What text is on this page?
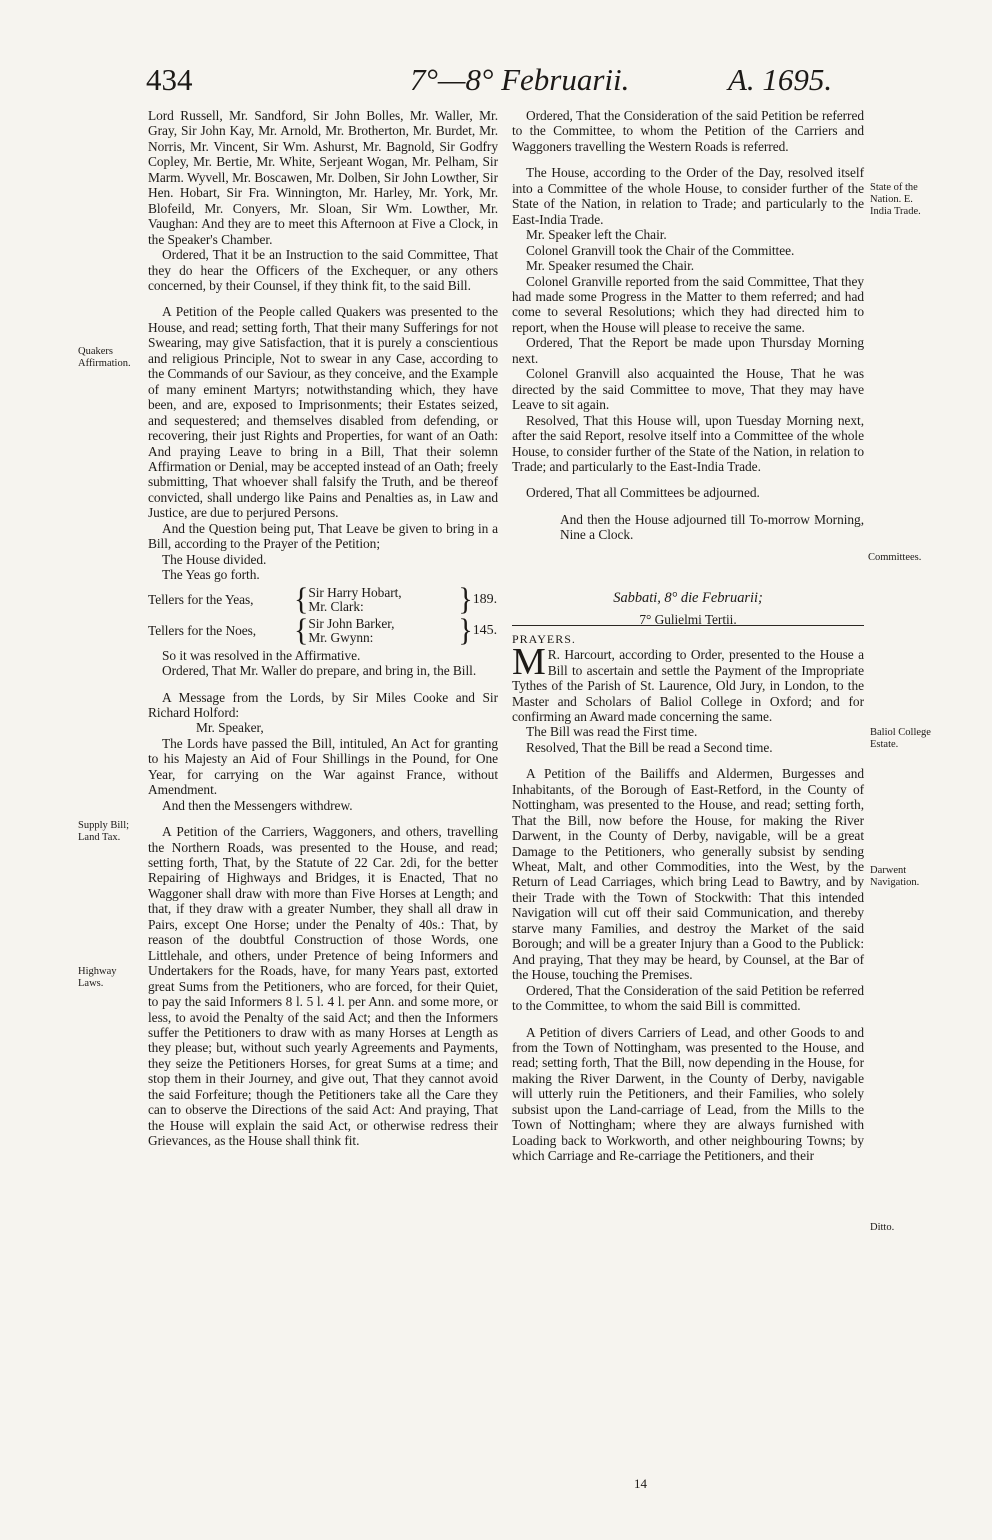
434	7°—8° Februarii.	A. 1695.
Quakers Affirmation.
Supply Bill; Land Tax.
Highway Laws.

Lord Russell, Mr. Sandford, Sir John Bolles, Mr. Waller, Mr. Gray, Sir John Kay, Mr. Arnold, Mr. Brotherton, Mr. Burdet, Mr. Norris, Mr. Vincent, Sir Wm. Ashurst, Mr. Bagnold, Sir Godfry Copley, Mr. Bertie, Mr. White, Serjeant Wogan, Mr. Pelham, Sir Marm. Wyvell, Mr. Boscawen, Mr. Dolben, Sir John Lowther, Sir Hen. Hobart, Sir Fra. Winnington, Mr. Harley, Mr. York, Mr. Blofeild, Mr. Conyers, Mr. Sloan, Sir Wm. Lowther, Mr. Vaughan: And they are to meet this Afternoon at Five a Clock, in the Speaker's Chamber.

Ordered, That it be an Instruction to the said Committee, That they do hear the Officers of the Exchequer, or any others concerned, by their Counsel, if they think fit, to the said Bill.

A Petition of the People called Quakers was presented to the House, and read; setting forth, That their many Sufferings for not Swearing, may give Satisfaction, that it is purely a conscientious and religious Principle, Not to swear in any Case, according to the Commands of our Saviour, as they conceive, and the Example of many eminent Martyrs; notwithstanding which, they have been, and are, exposed to Imprisonments; their Estates seized, and sequestered; and themselves disabled from defending, or recovering, their just Rights and Properties, for want of an Oath: And praying Leave to bring in a Bill, That their solemn Affirmation or Denial, may be accepted instead of an Oath; freely submitting, That whoever shall falsify the Truth, and be thereof convicted, shall undergo like Pains and Penalties as, in Law and Justice, are due to perjured Persons.

And the Question being put, That Leave be given to bring in a Bill, according to the Prayer of the Petition;

The House divided.

The Yeas go forth.

Tellers for the Yeas,	{ Sir Harry Hobart,
Mr. Clark:	} 189.
Tellers for the Noes,	{ Sir John Barker,
Mr. Gwynn:	} 145.

So it was resolved in the Affirmative.

Ordered, That Mr. Waller do prepare, and bring in, the Bill.

A Message from the Lords, by Sir Miles Cooke and Sir Richard Holford:

Mr. Speaker,

The Lords have passed the Bill, intituled, An Act for granting to his Majesty an Aid of Four Shillings in the Pound, for One Year, for carrying on the War against France, without Amendment.

And then the Messengers withdrew.

A Petition of the Carriers, Waggoners, and others, travelling the Northern Roads, was presented to the House, and read; setting forth, That, by the Statute of 22 Car. 2di, for the better Repairing of Highways and Bridges, it is Enacted, That no Waggoner shall draw with more than Five Horses at Length; and that, if they draw with a greater Number, they shall all draw in Pairs, except One Horse; under the Penalty of 40s.: That, by reason of the doubtful Construction of those Words, one Littlehale, and others, under Pretence of being Informers and Undertakers for the Roads, have, for many Years past, extorted great Sums from the Petitioners, who are forced, for their Quiet, to pay the said Informers 8 l. 5 l. 4 l. per Ann. and some more, or less, to avoid the Penalty of the said Act; and then the Informers suffer the Petitioners to draw with as many Horses at Length as they please; but, without such yearly Agreements and Payments, they seize the Petitioners Horses, for great Sums at a time; and stop them in their Journey, and give out, That they cannot avoid the said Forfeiture; though the Petitioners take all the Care they can to observe the Directions of the said Act: And praying, That the House will explain the said Act, or otherwise redress their Grievances, as the House shall think fit.

Ordered, That the Consideration of the said Petition be referred to the Committee, to whom the Petition of the Carriers and Waggoners travelling the Western Roads is referred.

The House, according to the Order of the Day, resolved itself into a Committee of the whole House, to consider further of the State of the Nation, in relation to Trade; and particularly to the East-India Trade.

Mr. Speaker left the Chair.

Colonel Granvill took the Chair of the Committee.

Mr. Speaker resumed the Chair.

Colonel Granville reported from the said Committee, That they had made some Progress in the Matter to them referred; and had come to several Resolutions; which they had directed him to report, when the House will please to receive the same.

Ordered, That the Report be made upon Thursday Morning next.

Colonel Granvill also acquainted the House, That he was directed by the said Committee to move, That they may have Leave to sit again.

Resolved, That this House will, upon Tuesday Morning next, after the said Report, resolve itself into a Committee of the whole House, to consider further of the State of the Nation, in relation to Trade; and particularly to the East-India Trade.

Ordered, That all Committees be adjourned.

And then the House adjourned till To-morrow Morning, Nine a Clock.

Sabbati, 8° die Februarii;

7° Gulielmi Tertii.

PRAYERS.

MR. Harcourt, according to Order, presented to the House a Bill to ascertain and settle the Payment of the Impropriate Tythes of the Parish of St. Laurence, Old Jury, in London, to the Master and Scholars of Baliol College in Oxford; and for confirming an Award made concerning the same.

The Bill was read the First time.

Resolved, That the Bill be read a Second time.

A Petition of the Bailiffs and Aldermen, Burgesses and Inhabitants, of the Borough of East-Retford, in the County of Nottingham, was presented to the House, and read; setting forth, That the Bill, now before the House, for making the River Darwent, in the County of Derby, navigable, will be a great Damage to the Petitioners, who generally subsist by sending Wheat, Malt, and other Commodities, into the West, by the Return of Lead Carriages, which bring Lead to Bawtry, and by their Trade with the Town of Stockwith: That this intended Navigation will cut off their said Communication, and thereby starve many Families, and destroy the Market of the said Borough; and will be a greater Injury than a Good to the Publick: And praying, That they may be heard, by Counsel, at the Bar of the House, touching the Premises.

Ordered, That the Consideration of the said Petition be referred to the Committee, to whom the said Bill is committed.

A Petition of divers Carriers of Lead, and other Goods to and from the Town of Nottingham, was presented to the House, and read; setting forth, That the Bill, now depending in the House, for making the River Darwent, in the County of Derby, navigable will utterly ruin the Petitioners, and their Families, who solely subsist upon the Land-carriage of Lead, from the Mills to the Town of Nottingham; where they are always furnished with Loading back to Workworth, and other neighbouring Towns; by which Carriage and Re-carriage the Petitioners, and their

State of the Nation. E. India Trade.
Committees.
Baliol College Estate.
Darwent Navigation.
Ditto.
14
